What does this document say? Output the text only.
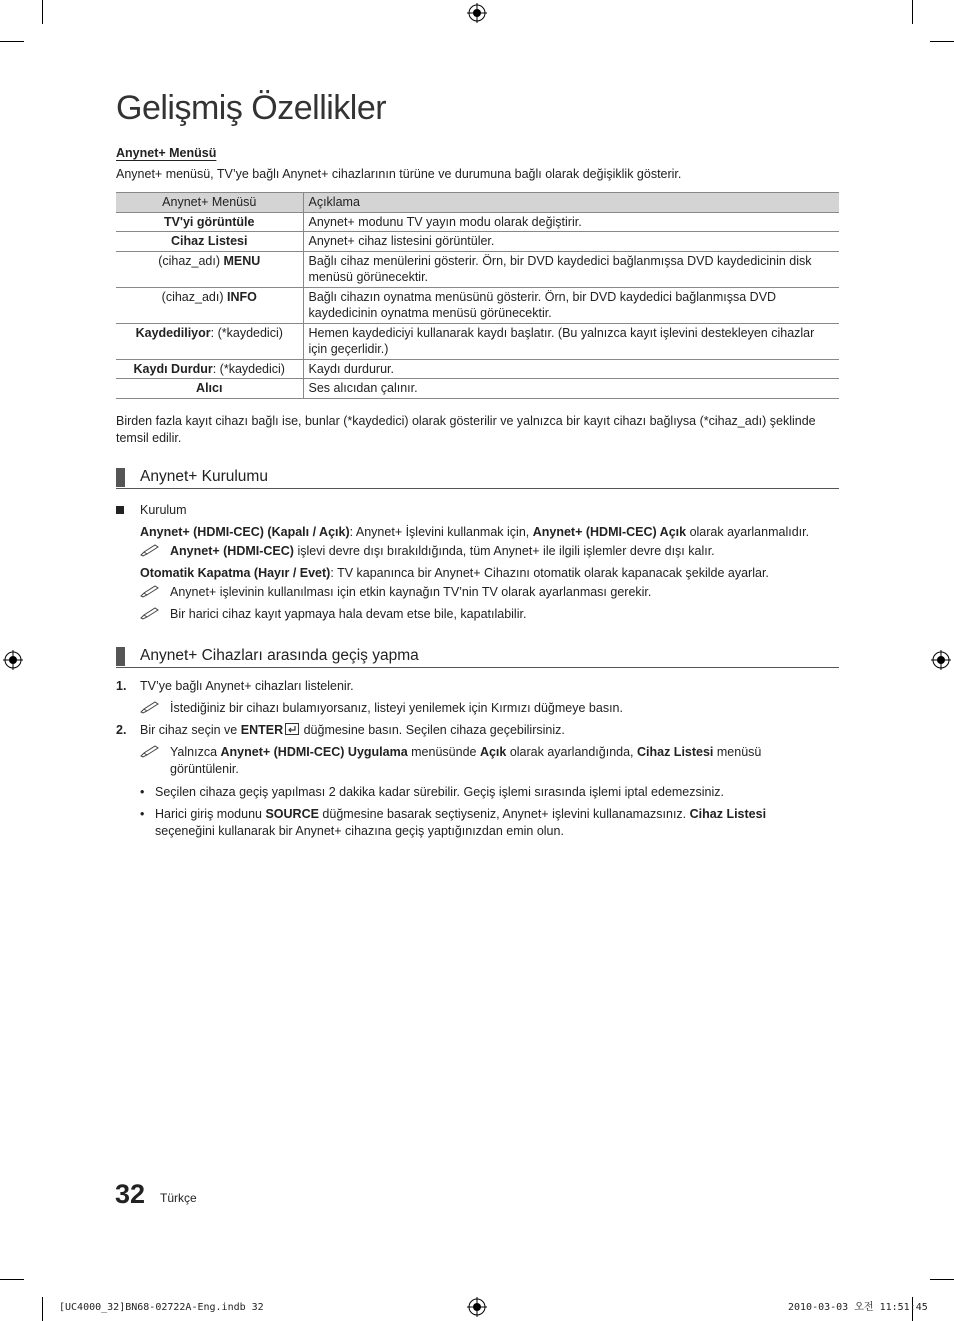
Gelişmiş Özellikler
Anynet+ Menüsü
Anynet+ menüsü, TV’ye bağlı Anynet+ cihazlarının türüne ve durumuna bağlı olarak değişiklik gösterir.
Anynet+ Menüsü	Açıklama
TV'yi görüntüle	Anynet+ modunu TV yayın modu olarak değiştirir.
Cihaz Listesi	Anynet+ cihaz listesini görüntüler.
(cihaz_adı) MENU	Bağlı cihaz menülerini gösterir. Örn, bir DVD kaydedici bağlanmışsa DVD kaydedicinin disk menüsü görünecektir.
(cihaz_adı) INFO	Bağlı cihazın oynatma menüsünü gösterir. Örn, bir DVD kaydedici bağlanmışsa DVD kaydedicinin oynatma menüsü görünecektir.
Kaydediliyor: (*kaydedici)	Hemen kaydediciyi kullanarak kaydı başlatır. (Bu yalnızca kayıt işlevini destekleyen cihazlar için geçerlidir.)
Kaydı Durdur: (*kaydedici)	Kaydı durdurur.
Alıcı	Ses alıcıdan çalınır.
Birden fazla kayıt cihazı bağlı ise, bunlar (*kaydedici) olarak gösterilir ve yalnızca bir kayıt cihazı bağlıysa (*cihaz_adı) şeklinde temsil edilir.
Anynet+ Kurulumu
Kurulum
Anynet+ (HDMI-CEC) (Kapalı / Açık): Anynet+ İşlevini kullanmak için, Anynet+ (HDMI-CEC) Açık olarak ayarlanmalıdır.
Anynet+ (HDMI-CEC) işlevi devre dışı bırakıldığında, tüm Anynet+ ile ilgili işlemler devre dışı kalır.
Otomatik Kapatma (Hayır / Evet): TV kapanınca bir Anynet+ Cihazını otomatik olarak kapanacak şekilde ayarlar.
Anynet+ işlevinin kullanılması için etkin kaynağın TV’nin TV olarak ayarlanması gerekir.
Bir harici cihaz kayıt yapmaya hala devam etse bile, kapatılabilir.
Anynet+ Cihazları arasında geçiş yapma
1. TV’ye bağlı Anynet+ cihazları listelenir.
İstediğiniz bir cihazı bulamıyorsanız, listeyi yenilemek için Kırmızı düğmeye basın.
2. Bir cihaz seçin ve ENTER düğmesine basın. Seçilen cihaza geçebilirsiniz.
Yalnızca Anynet+ (HDMI-CEC) Uygulama menüsünde Açık olarak ayarlandığında, Cihaz Listesi menüsü görüntülenir.
• Seçilen cihaza geçiş yapılması 2 dakika kadar sürebilir. Geçiş işlemi sırasında işlemi iptal edemezsiniz.
• Harici giriş modunu SOURCE düğmesine basarak seçtiyseniz, Anynet+ işlevini kullanamazsınız. Cihaz Listesi seçeneğini kullanarak bir Anynet+ cihazına geçiş yaptığınızdan emin olun.
32 Türkçe
[UC4000_32]BN68-02722A-Eng.indb 32	2010-03-03 오전 11:51:45
